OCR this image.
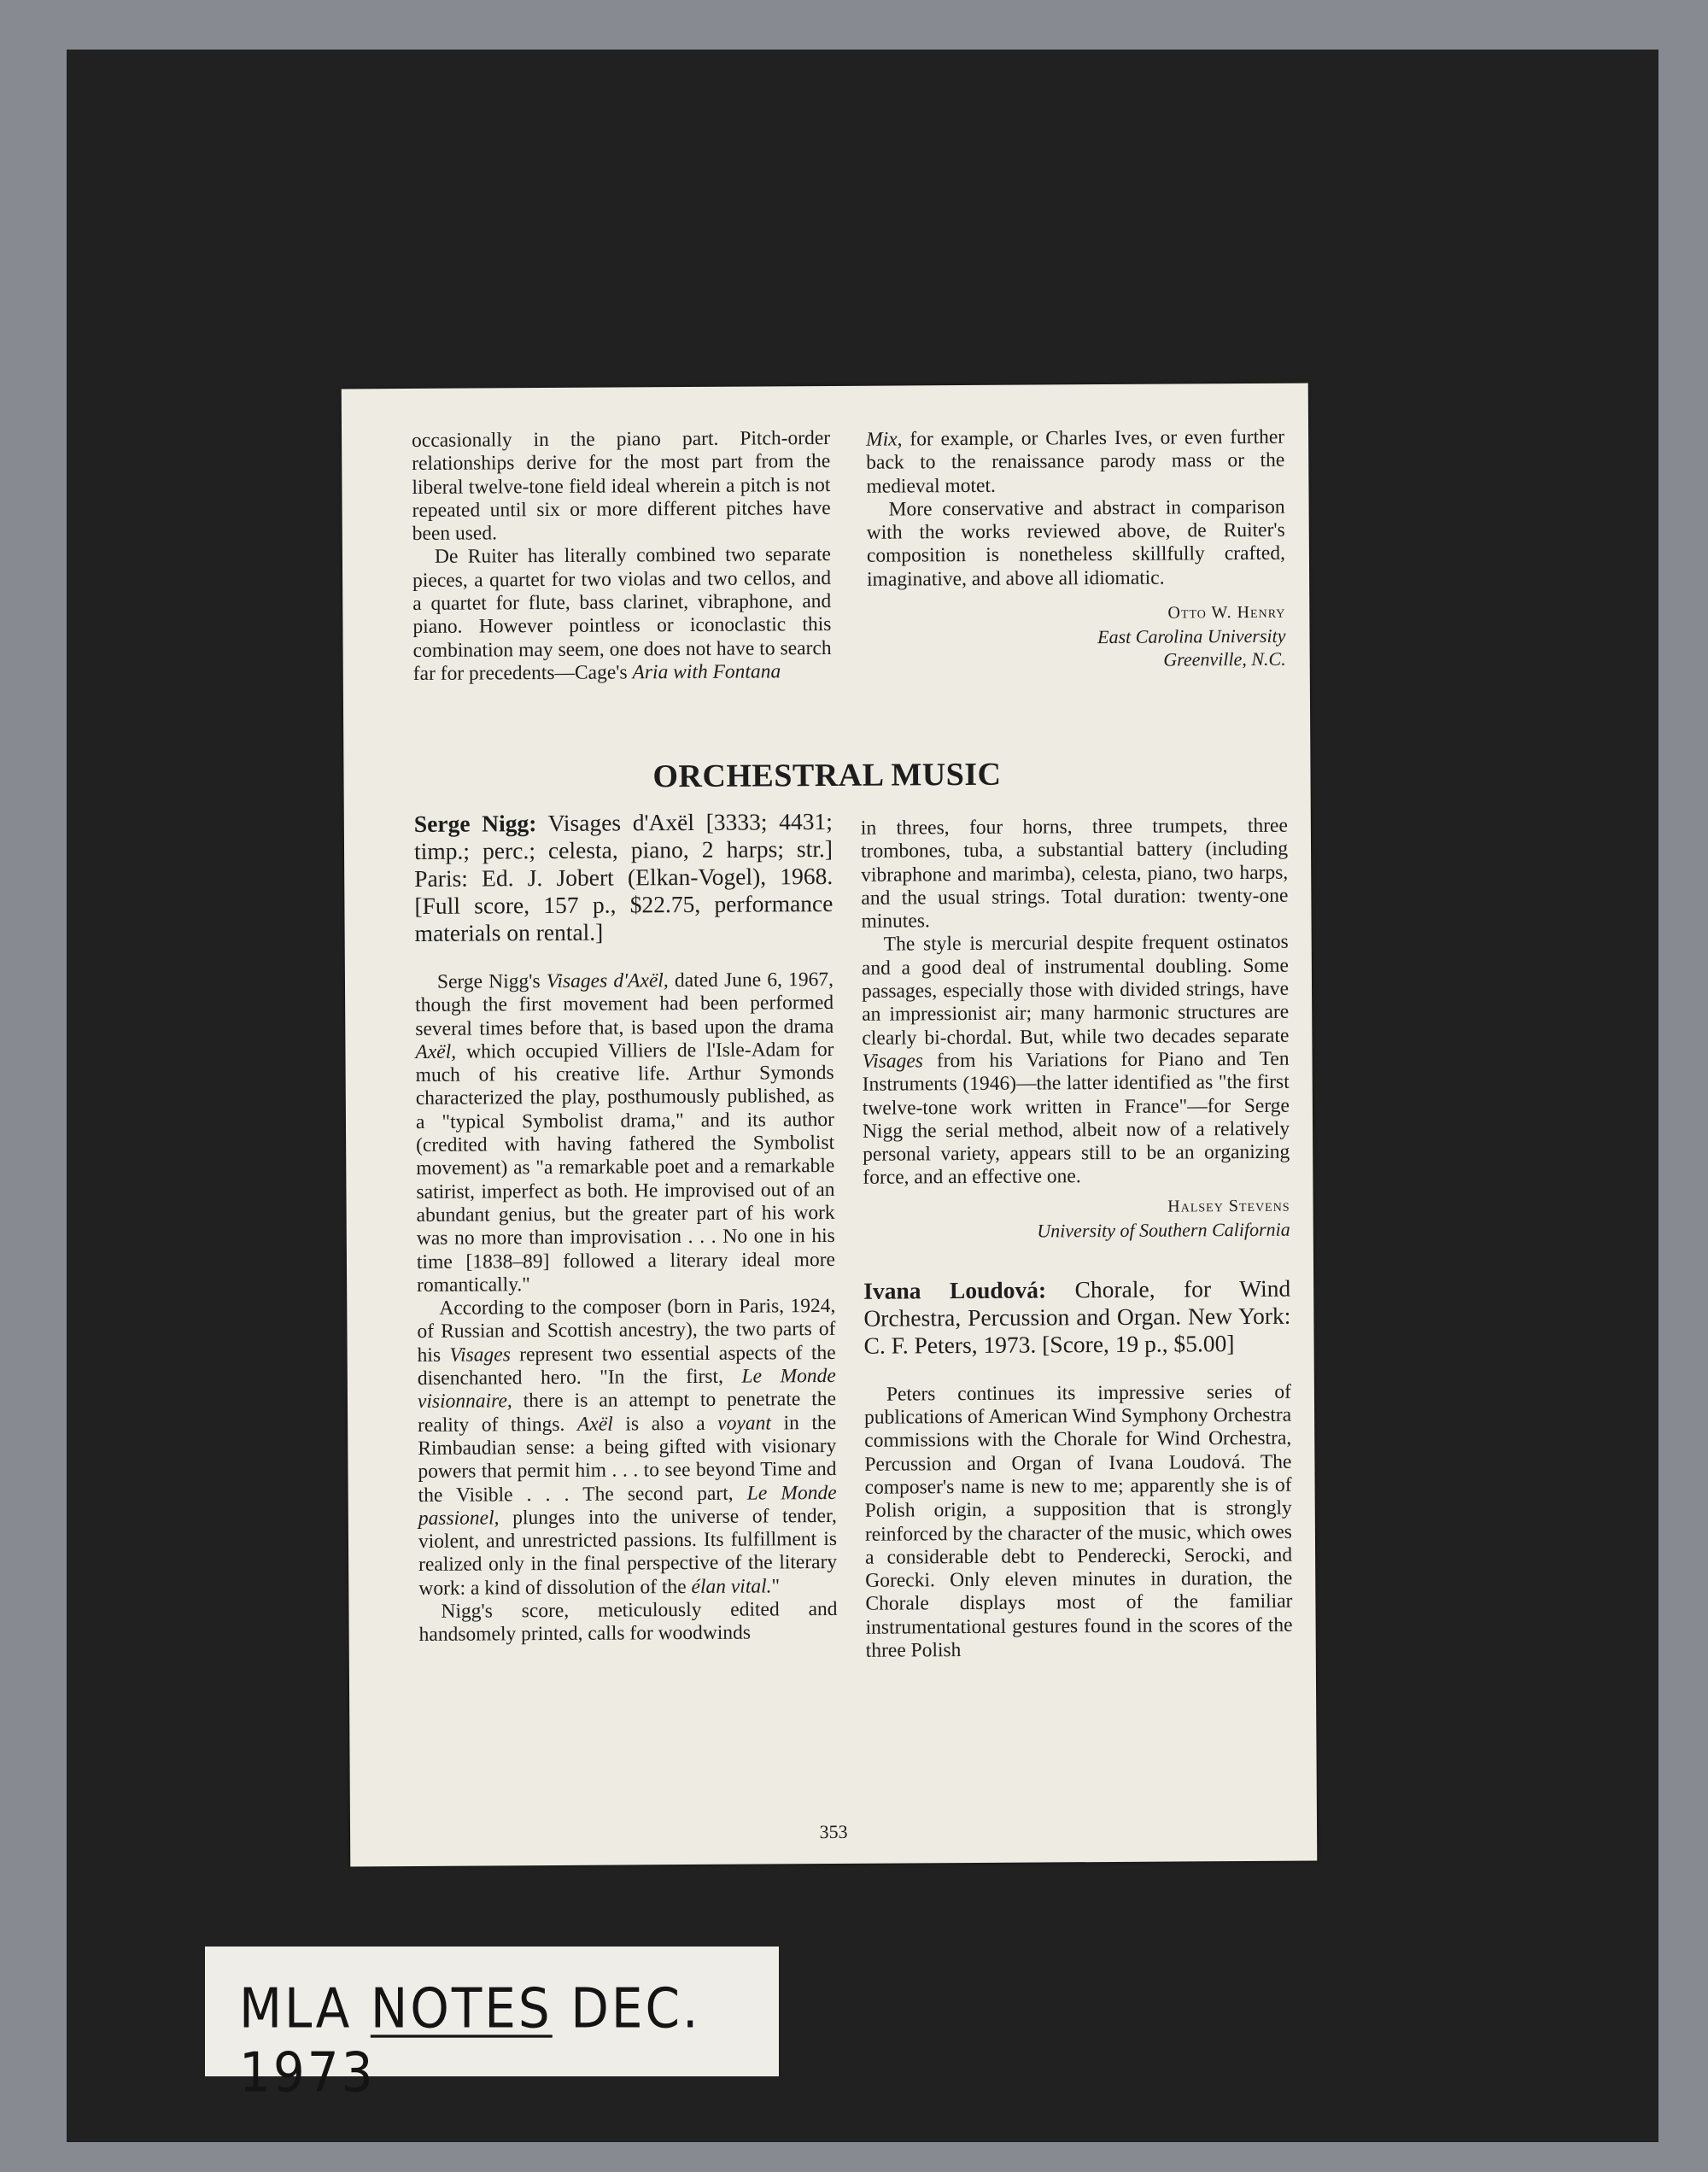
occasionally in the piano part. Pitch-order relationships derive for the most part from the liberal twelve-tone field ideal wherein a pitch is not repeated until six or more different pitches have been used.

De Ruiter has literally combined two separate pieces, a quartet for two violas and two cellos, and a quartet for flute, bass clarinet, vibraphone, and piano. However pointless or iconoclastic this combination may seem, one does not have to search far for precedents—Cage's Aria with Fontana

Mix, for example, or Charles Ives, or even further back to the renaissance parody mass or the medieval motet.

More conservative and abstract in comparison with the works reviewed above, de Ruiter's composition is nonetheless skillfully crafted, imaginative, and above all idiomatic.

Otto W. Henry
East Carolina University
Greenville, N.C.
ORCHESTRAL MUSIC

Serge Nigg: Visages d'Axël [3333; 4431; timp.; perc.; celesta, piano, 2 harps; str.] Paris: Ed. J. Jobert (Elkan-Vogel), 1968. [Full score, 157 p., $22.75, performance materials on rental.]

Serge Nigg's Visages d'Axël, dated June 6, 1967, though the first movement had been performed several times before that, is based upon the drama Axël, which occupied Villiers de l'Isle-Adam for much of his creative life. Arthur Symonds characterized the play, posthumously published, as a "typical Symbolist drama," and its author (credited with having fathered the Symbolist movement) as "a remarkable poet and a remarkable satirist, imperfect as both. He improvised out of an abundant genius, but the greater part of his work was no more than improvisation . . . No one in his time [1838–89] followed a literary ideal more romantically."

According to the composer (born in Paris, 1924, of Russian and Scottish ancestry), the two parts of his Visages represent two essential aspects of the disenchanted hero. "In the first, Le Monde visionnaire, there is an attempt to penetrate the reality of things. Axël is also a voyant in the Rimbaudian sense: a being gifted with visionary powers that permit him . . . to see beyond Time and the Visible . . . The second part, Le Monde passionel, plunges into the universe of tender, violent, and unrestricted passions. Its fulfillment is realized only in the final perspective of the literary work: a kind of dissolution of the élan vital."

Nigg's score, meticulously edited and handsomely printed, calls for woodwinds

in threes, four horns, three trumpets, three trombones, tuba, a substantial battery (including vibraphone and marimba), celesta, piano, two harps, and the usual strings. Total duration: twenty-one minutes.

The style is mercurial despite frequent ostinatos and a good deal of instrumental doubling. Some passages, especially those with divided strings, have an impressionist air; many harmonic structures are clearly bi-chordal. But, while two decades separate Visages from his Variations for Piano and Ten Instruments (1946)—the latter identified as "the first twelve-tone work written in France"—for Serge Nigg the serial method, albeit now of a relatively personal variety, appears still to be an organizing force, and an effective one.

Halsey Stevens
University of Southern California

Ivana Loudová: Chorale, for Wind Orchestra, Percussion and Organ. New York: C. F. Peters, 1973. [Score, 19 p., $5.00]

Peters continues its impressive series of publications of American Wind Symphony Orchestra commissions with the Chorale for Wind Orchestra, Percussion and Organ of Ivana Loudová. The composer's name is new to me; apparently she is of Polish origin, a supposition that is strongly reinforced by the character of the music, which owes a considerable debt to Penderecki, Serocki, and Gorecki. Only eleven minutes in duration, the Chorale displays most of the familiar instrumentational gestures found in the scores of the three Polish

353
MLA NOTES DEC. 1973
